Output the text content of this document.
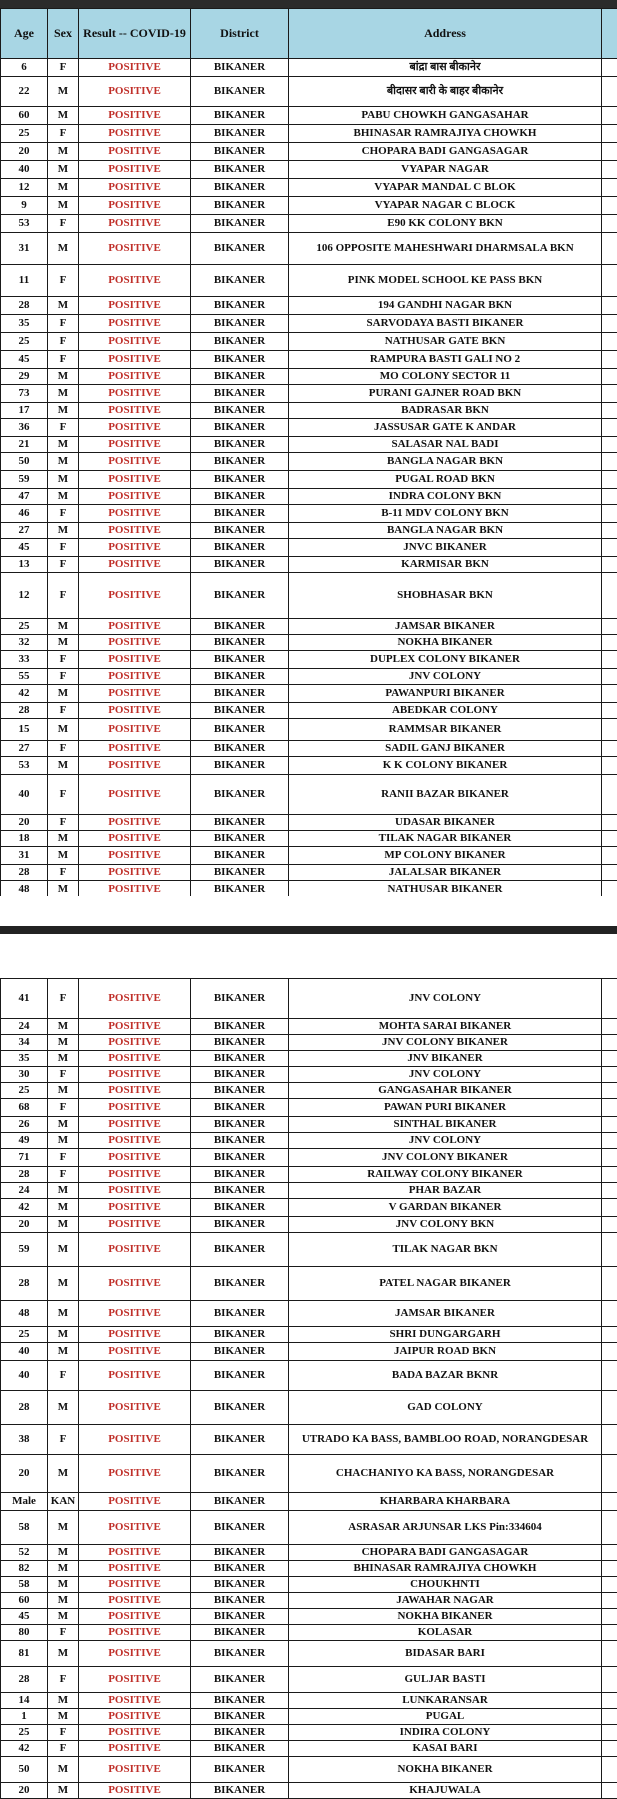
Age	Sex	Result -- COVID-19	District	Address	
6	F	POSITIVE	BIKANER	बांद्रा बास बीकानेर	
22	M	POSITIVE	BIKANER	बीदासर बारी के बाहर बीकानेर	
60	M	POSITIVE	BIKANER	PABU CHOWKH GANGASAHAR	
25	F	POSITIVE	BIKANER	BHINASAR RAMRAJIYA CHOWKH	
20	M	POSITIVE	BIKANER	CHOPARA BADI GANGASAGAR	
40	M	POSITIVE	BIKANER	VYAPAR NAGAR	
12	M	POSITIVE	BIKANER	VYAPAR MANDAL C BLOK	
9	M	POSITIVE	BIKANER	VYAPAR NAGAR C BLOCK	
53	F	POSITIVE	BIKANER	E90 KK COLONY BKN	
31	M	POSITIVE	BIKANER	106 OPPOSITE MAHESHWARI DHARMSALA BKN	
11	F	POSITIVE	BIKANER	PINK MODEL SCHOOL KE PASS BKN	
28	M	POSITIVE	BIKANER	194 GANDHI NAGAR BKN	
35	F	POSITIVE	BIKANER	SARVODAYA BASTI BIKANER	
25	F	POSITIVE	BIKANER	NATHUSAR GATE BKN	
45	F	POSITIVE	BIKANER	RAMPURA BASTI GALI NO 2	
29	M	POSITIVE	BIKANER	MO COLONY SECTOR 11	
73	M	POSITIVE	BIKANER	PURANI GAJNER ROAD BKN	
17	M	POSITIVE	BIKANER	BADRASAR BKN	
36	F	POSITIVE	BIKANER	JASSUSAR GATE K ANDAR	
21	M	POSITIVE	BIKANER	SALASAR NAL BADI	
50	M	POSITIVE	BIKANER	BANGLA NAGAR BKN	
59	M	POSITIVE	BIKANER	PUGAL ROAD BKN	
47	M	POSITIVE	BIKANER	INDRA COLONY BKN	
46	F	POSITIVE	BIKANER	B-11 MDV COLONY BKN	
27	M	POSITIVE	BIKANER	BANGLA NAGAR BKN	
45	F	POSITIVE	BIKANER	JNVC BIKANER	
13	F	POSITIVE	BIKANER	KARMISAR BKN	
12	F	POSITIVE	BIKANER	SHOBHASAR BKN	
25	M	POSITIVE	BIKANER	JAMSAR BIKANER	
32	M	POSITIVE	BIKANER	NOKHA BIKANER	
33	F	POSITIVE	BIKANER	DUPLEX COLONY BIKANER	
55	F	POSITIVE	BIKANER	JNV COLONY	
42	M	POSITIVE	BIKANER	PAWANPURI BIKANER	
28	F	POSITIVE	BIKANER	ABEDKAR COLONY	
15	M	POSITIVE	BIKANER	RAMMSAR BIKANER	
27	F	POSITIVE	BIKANER	SADIL GANJ BIKANER	
53	M	POSITIVE	BIKANER	K K COLONY BIKANER	
40	F	POSITIVE	BIKANER	RANII BAZAR BIKANER	
20	F	POSITIVE	BIKANER	UDASAR BIKANER	
18	M	POSITIVE	BIKANER	TILAK NAGAR BIKANER	
31	M	POSITIVE	BIKANER	MP COLONY BIKANER	
28	F	POSITIVE	BIKANER	JALALSAR BIKANER	
48	M	POSITIVE	BIKANER	NATHUSAR BIKANER	
41	F	POSITIVE	BIKANER	JNV COLONY	
24	M	POSITIVE	BIKANER	MOHTA SARAI BIKANER	
34	M	POSITIVE	BIKANER	JNV COLONY BIKANER	
35	M	POSITIVE	BIKANER	JNV BIKANER	
30	F	POSITIVE	BIKANER	JNV COLONY	
25	M	POSITIVE	BIKANER	GANGASAHAR BIKANER	
68	F	POSITIVE	BIKANER	PAWAN PURI BIKANER	
26	M	POSITIVE	BIKANER	SINTHAL BIKANER	
49	M	POSITIVE	BIKANER	JNV COLONY	
71	F	POSITIVE	BIKANER	JNV COLONY BIKANER	
28	F	POSITIVE	BIKANER	RAILWAY COLONY BIKANER	
24	M	POSITIVE	BIKANER	PHAR BAZAR	
42	M	POSITIVE	BIKANER	V GARDAN BIKANER	
20	M	POSITIVE	BIKANER	JNV COLONY BKN	
59	M	POSITIVE	BIKANER	TILAK NAGAR BKN	
28	M	POSITIVE	BIKANER	PATEL NAGAR BIKANER	
48	M	POSITIVE	BIKANER	JAMSAR BIKANER	
25	M	POSITIVE	BIKANER	SHRI DUNGARGARH	
40	M	POSITIVE	BIKANER	JAIPUR ROAD BKN	
40	F	POSITIVE	BIKANER	BADA BAZAR BKNR	
28	M	POSITIVE	BIKANER	GAD COLONY	
38	F	POSITIVE	BIKANER	UTRADO KA BASS, BAMBLOO ROAD, NORANGDESAR	
20	M	POSITIVE	BIKANER	CHACHANIYO KA BASS, NORANGDESAR	
Male	KAN	POSITIVE	BIKANER	KHARBARA KHARBARA	
58	M	POSITIVE	BIKANER	ASRASAR ARJUNSAR LKS Pin:334604	
52	M	POSITIVE	BIKANER	CHOPARA BADI GANGASAGAR	
82	M	POSITIVE	BIKANER	BHINASAR RAMRAJIYA CHOWKH	
58	M	POSITIVE	BIKANER	CHOUKHNTI	
60	M	POSITIVE	BIKANER	JAWAHAR NAGAR	
45	M	POSITIVE	BIKANER	NOKHA BIKANER	
80	F	POSITIVE	BIKANER	KOLASAR	
81	M	POSITIVE	BIKANER	BIDASAR BARI	
28	F	POSITIVE	BIKANER	GULJAR BASTI	
14	M	POSITIVE	BIKANER	LUNKARANSAR	
1	M	POSITIVE	BIKANER	PUGAL	
25	F	POSITIVE	BIKANER	INDIRA COLONY	
42	F	POSITIVE	BIKANER	KASAI BARI	
50	M	POSITIVE	BIKANER	NOKHA BIKANER	
20	M	POSITIVE	BIKANER	KHAJUWALA	
